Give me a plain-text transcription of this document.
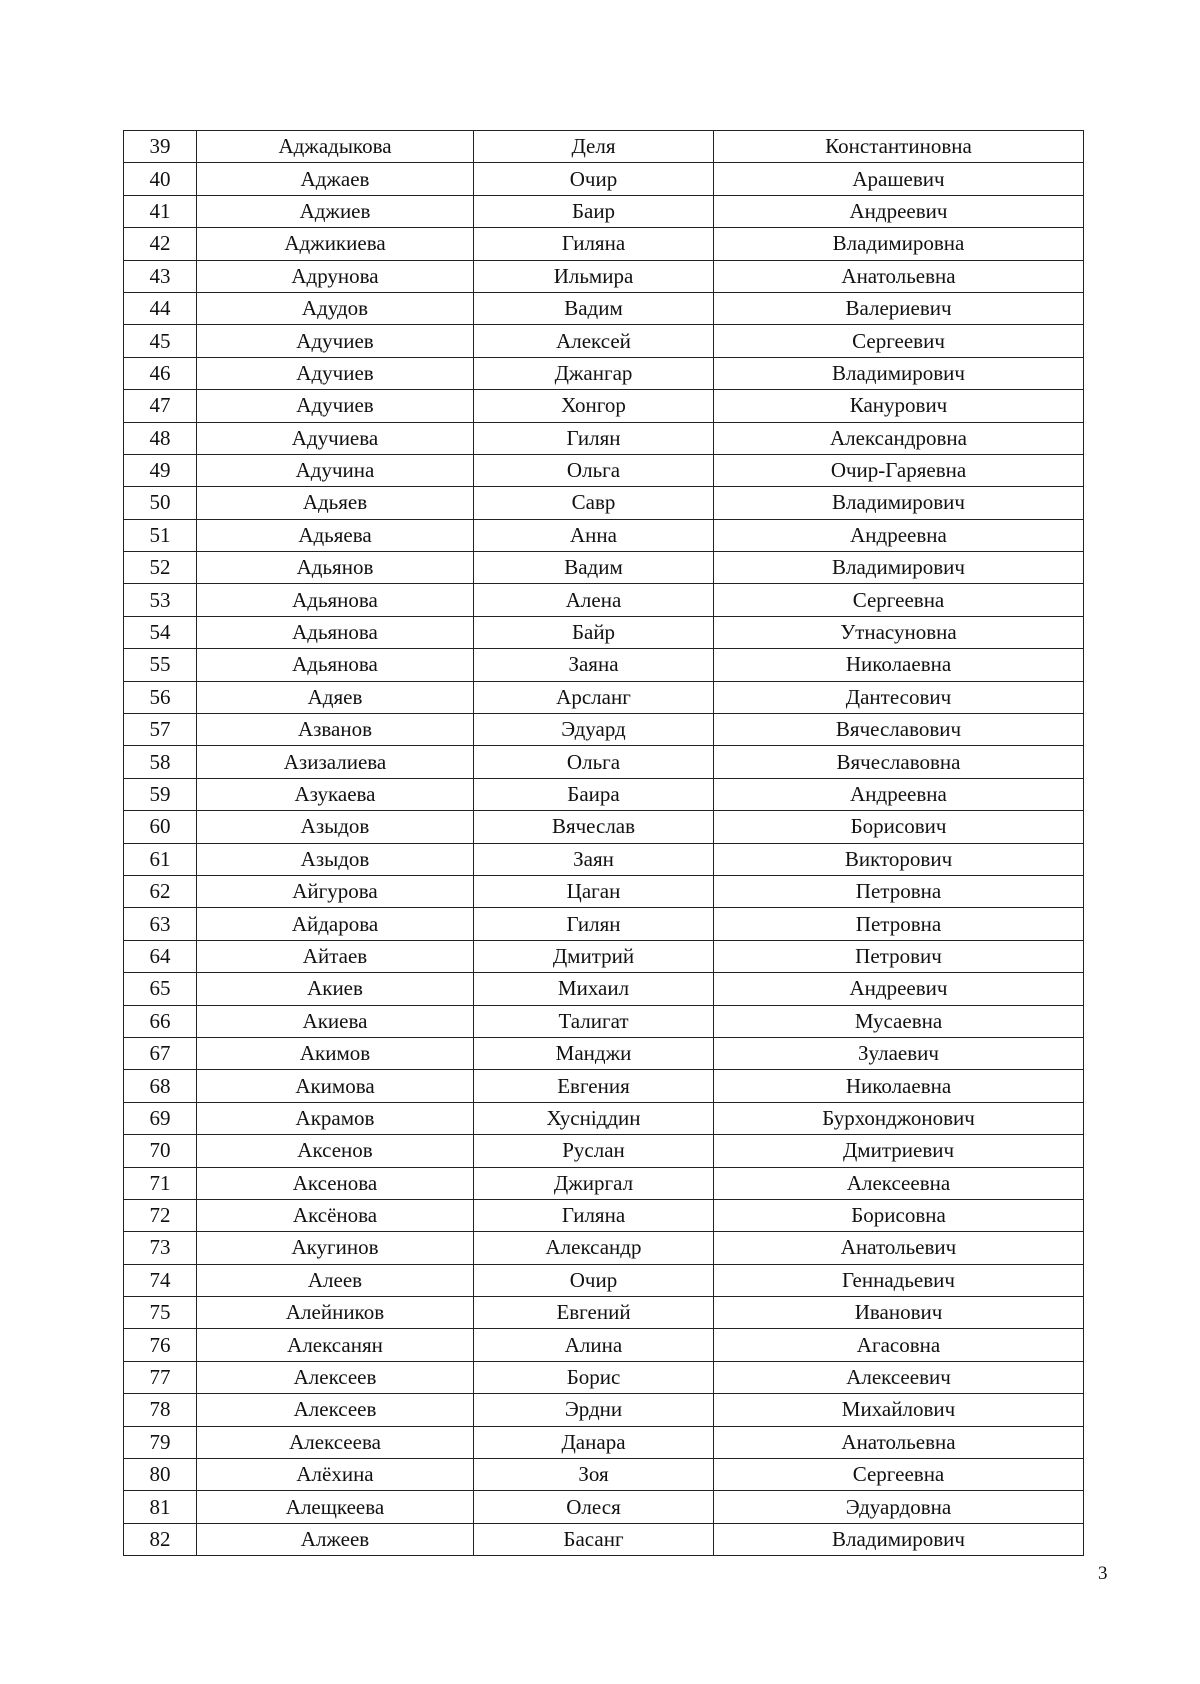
39	Аджадыкова	Деля	Константиновна
40	Аджаев	Очир	Арашевич
41	Аджиев	Баир	Андреевич
42	Аджикиева	Гиляна	Владимировна
43	Адрунова	Ильмира	Анатольевна
44	Адудов	Вадим	Валериевич
45	Адучиев	Алексей	Сергеевич
46	Адучиев	Джангар	Владимирович
47	Адучиев	Хонгор	Канурович
48	Адучиева	Гилян	Александровна
49	Адучина	Ольга	Очир-Гаряевна
50	Адьяев	Савр	Владимирович
51	Адьяева	Анна	Андреевна
52	Адьянов	Вадим	Владимирович
53	Адьянова	Алена	Сергеевна
54	Адьянова	Байр	Утнасуновна
55	Адьянова	Заяна	Николаевна
56	Адяев	Арсланг	Дантесович
57	Азванов	Эдуард	Вячеславович
58	Азизалиева	Ольга	Вячеславовна
59	Азукаева	Баира	Андреевна
60	Азыдов	Вячеслав	Борисович
61	Азыдов	Заян	Викторович
62	Айгурова	Цаган	Петровна
63	Айдарова	Гилян	Петровна
64	Айтаев	Дмитрий	Петрович
65	Акиев	Михаил	Андреевич
66	Акиева	Талигат	Мусаевна
67	Акимов	Манджи	Зулаевич
68	Акимова	Евгения	Николаевна
69	Акрамов	Хуснiддин	Бурхонджонович
70	Аксенов	Руслан	Дмитриевич
71	Аксенова	Джиргал	Алексеевна
72	Аксёнова	Гиляна	Борисовна
73	Акугинов	Александр	Анатольевич
74	Алеев	Очир	Геннадьевич
75	Алейников	Евгений	Иванович
76	Алексанян	Алина	Агасовна
77	Алексеев	Борис	Алексеевич
78	Алексеев	Эрдни	Михайлович
79	Алексеева	Данара	Анатольевна
80	Алёхина	Зоя	Сергеевна
81	Алещкеева	Олеся	Эдуардовна
82	Алжеев	Басанг	Владимирович
3
